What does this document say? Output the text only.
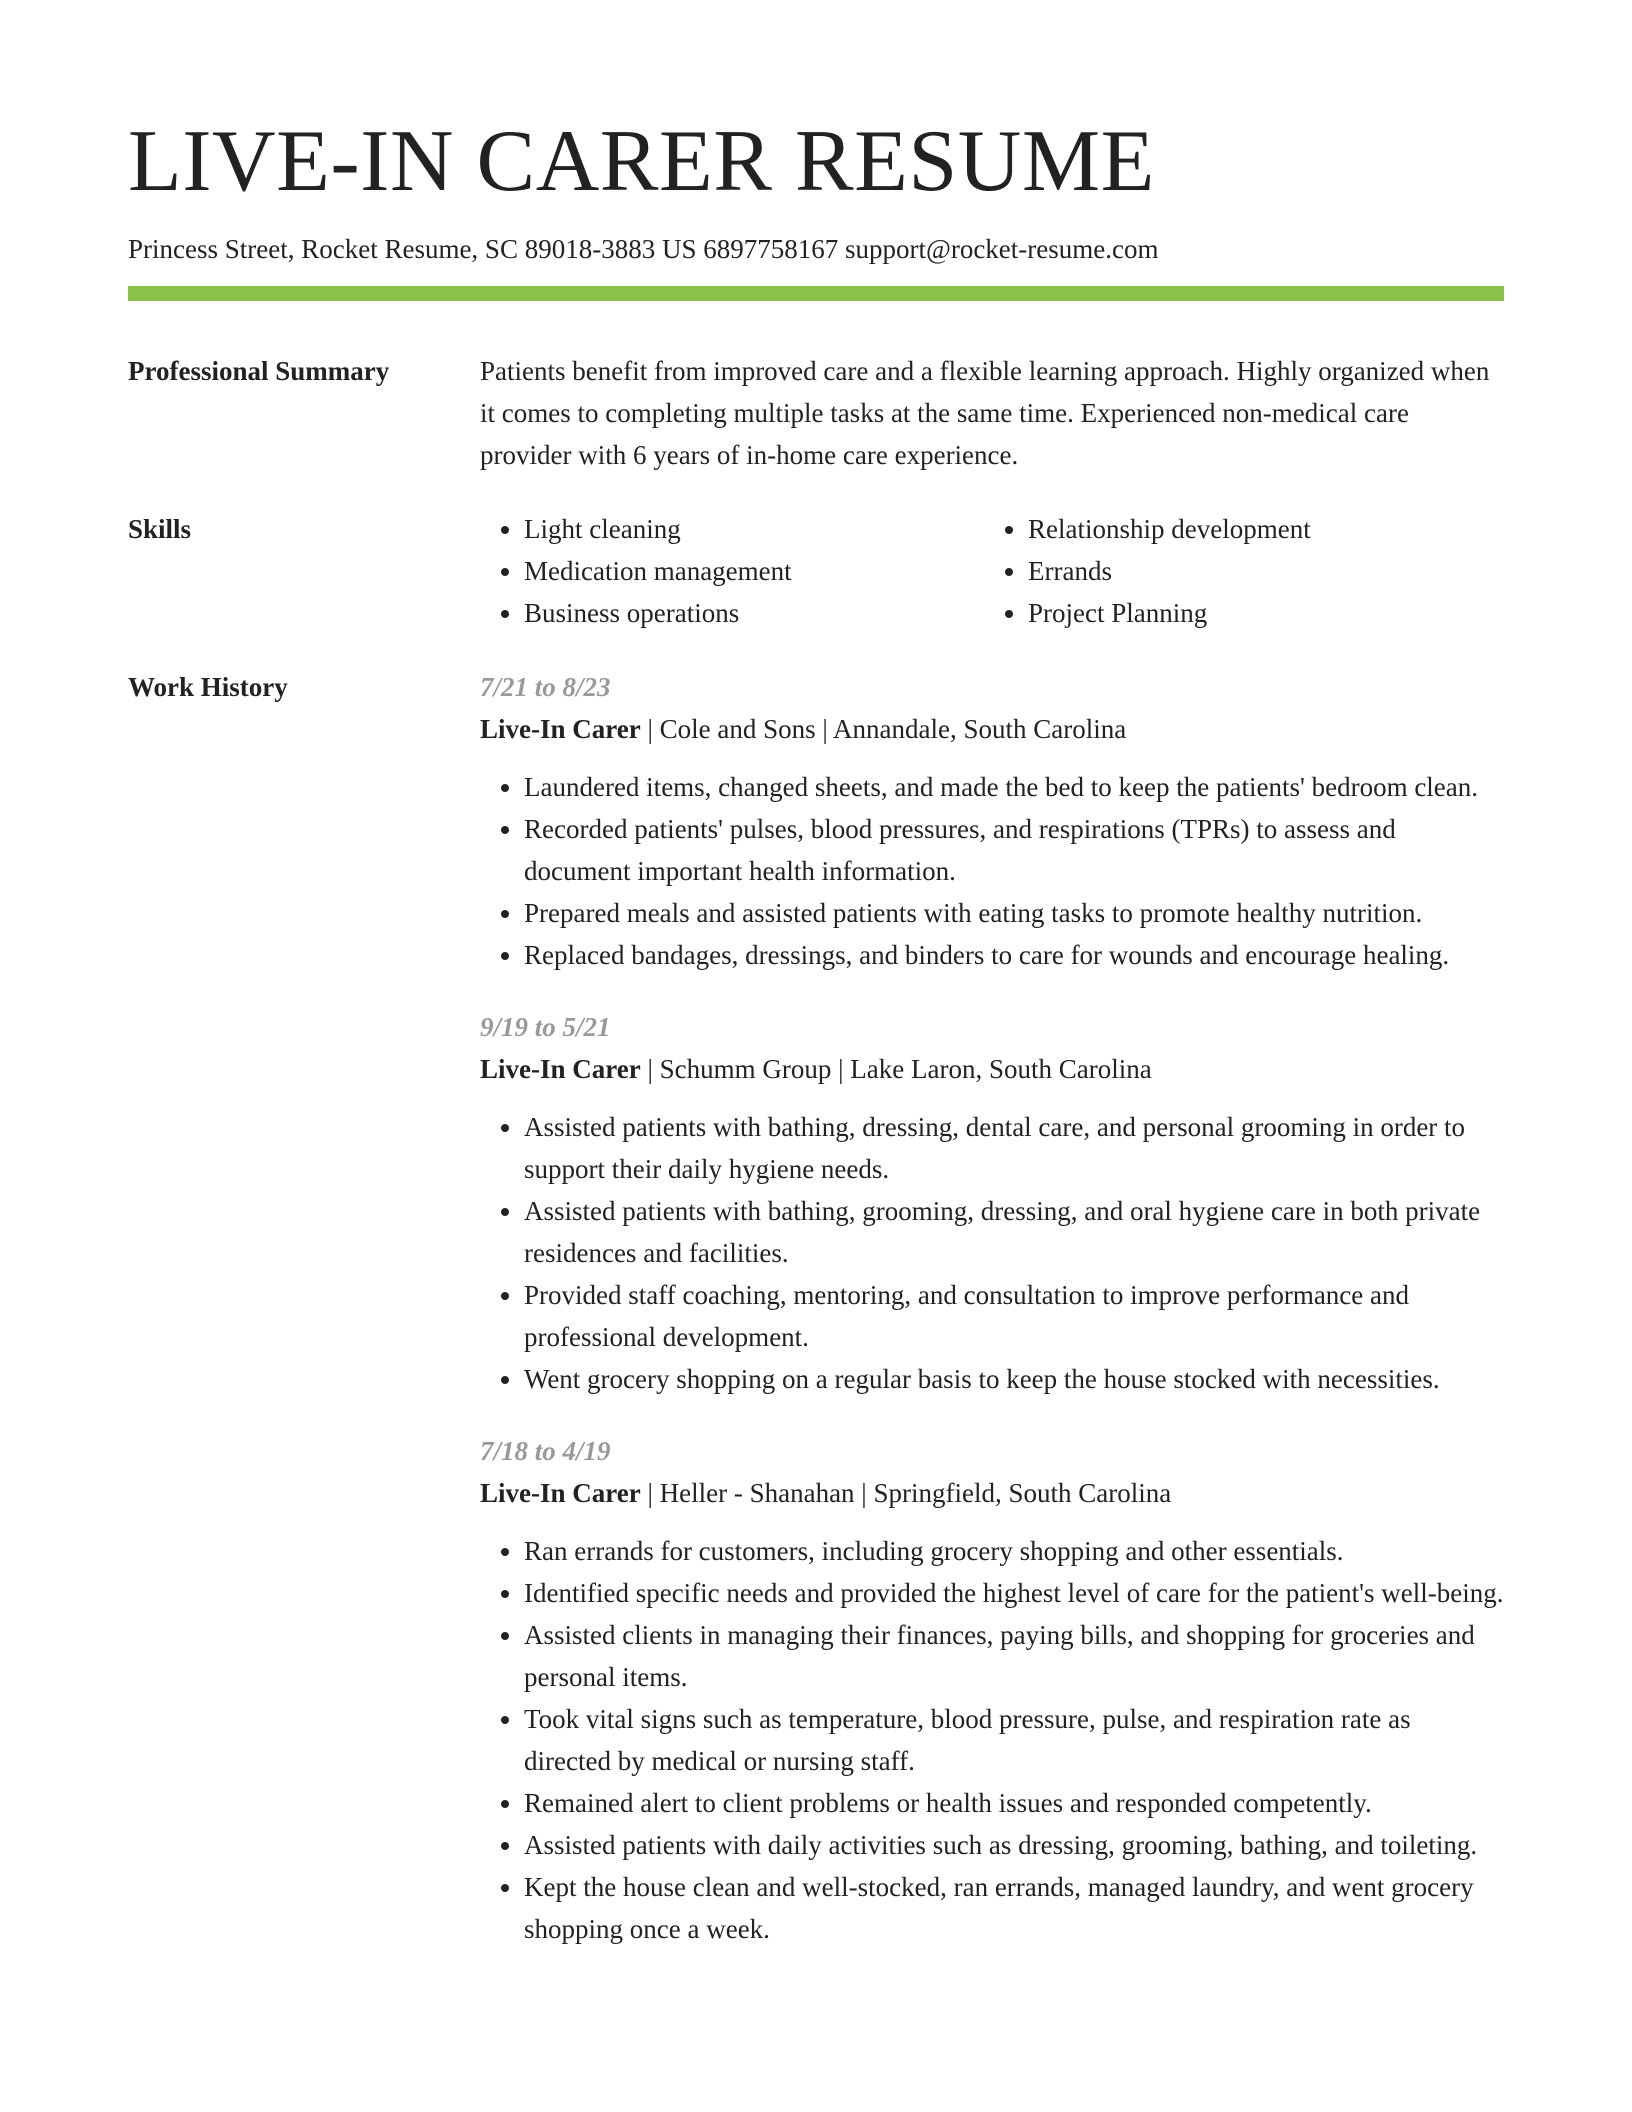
LIVE-IN CARER RESUME
Princess Street, Rocket Resume, SC 89018-3883 US 6897758167 support@rocket-resume.com
Professional Summary	Patients benefit from improved care and a flexible learning approach. Highly organized when it comes to completing multiple tasks at the same time. Experienced non-medical care provider with 6 years of in-home care experience.

Skills
•	Light cleaning
• Medication management
• Business operations
• Relationship development
• Errands
• Project Planning
Work History	7/21 to 8/23
Live-In Carer | Cole and Sons | Annandale, South Carolina
• Laundered items, changed sheets, and made the bed to keep the patients' bedroom clean.
• Recorded patients' pulses, blood pressures, and respirations (TPRs) to assess and document important health information.
• Prepared meals and assisted patients with eating tasks to promote healthy nutrition.
• Replaced bandages, dressings, and binders to care for wounds and encourage healing.
9/19 to 5/21
Live-In Carer | Schumm Group | Lake Laron, South Carolina
• Assisted patients with bathing, dressing, dental care, and personal grooming in order to support their daily hygiene needs.
• Assisted patients with bathing, grooming, dressing, and oral hygiene care in both private residences and facilities.
• Provided staff coaching, mentoring, and consultation to improve performance and professional development.
• Went grocery shopping on a regular basis to keep the house stocked with necessities.
7/18 to 4/19
Live-In Carer | Heller - Shanahan | Springfield, South Carolina
• Ran errands for customers, including grocery shopping and other essentials.
• Identified specific needs and provided the highest level of care for the patient's well-being.
• Assisted clients in managing their finances, paying bills, and shopping for groceries and personal items.
• Took vital signs such as temperature, blood pressure, pulse, and respiration rate as directed by medical or nursing staff.
• Remained alert to client problems or health issues and responded competently.
• Assisted patients with daily activities such as dressing, grooming, bathing, and toileting.
• Kept the house clean and well-stocked, ran errands, managed laundry, and went grocery shopping once a week.
